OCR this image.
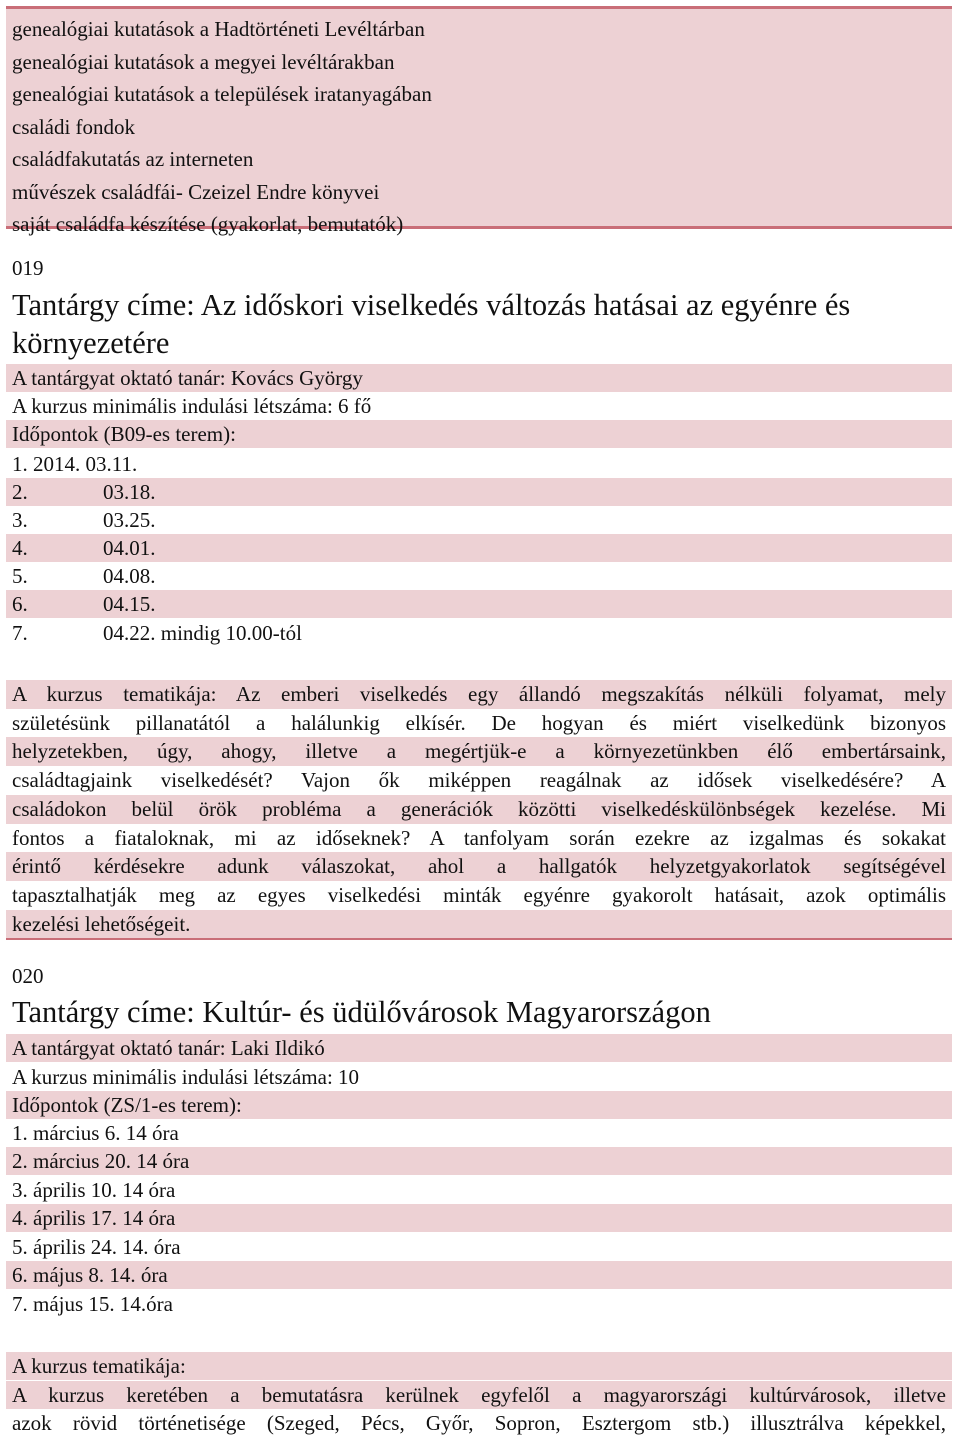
genealógiai kutatások a Hadtörténeti Levéltárban
genealógiai kutatások a megyei levéltárakban
genealógiai kutatások a települések iratanyagában
családi fondok
családfakutatás az interneten
művészek családfái- Czeizel Endre könyvei
saját családfa készítése (gyakorlat, bemutatók)
019
Tantárgy címe: Az időskori viselkedés változás hatásai az egyénre és
környezetére
A tantárgyat oktató tanár: Kovács György
A kurzus minimális indulási létszáma: 6 fő
Időpontok (B09-es terem):
1. 2014. 03.11.
2.	03.18.
3.	03.25.
4.	04.01.
5.	04.08.
6.	04.15.
7.	04.22. mindig 10.00-tól
A kurzus tematikája: Az emberi viselkedés egy állandó megszakítás nélküli folyamat, mely
születésünk pillanatától a halálunkig elkísér. De hogyan és miért viselkedünk bizonyos
helyzetekben, úgy, ahogy, illetve a megértjük-e a környezetünkben élő embertársaink,
családtagjaink viselkedését? Vajon ők miképpen reagálnak az idősek viselkedésére? A
családokon belül örök probléma a generációk közötti viselkedéskülönbségek kezelése. Mi
fontos a fiataloknak, mi az időseknek? A tanfolyam során ezekre az izgalmas és sokakat
érintő kérdésekre adunk válaszokat, ahol a hallgatók helyzetgyakorlatok segítségével
tapasztalhatják meg az egyes viselkedési minták egyénre gyakorolt hatásait, azok optimális
kezelési lehetőségeit.
020
Tantárgy címe: Kultúr- és üdülővárosok Magyarországon
A tantárgyat oktató tanár: Laki Ildikó
A kurzus minimális indulási létszáma: 10
Időpontok (ZS/1-es terem):
1. március 6. 14 óra
2. március 20. 14 óra
3. április 10. 14 óra
4. április 17. 14 óra
5. április 24. 14. óra
6. május 8. 14. óra
7. május 15. 14.óra
A kurzus tematikája:
A kurzus keretében a bemutatásra kerülnek egyfelől a magyarországi kultúrvárosok, illetve
azok rövid történetisége (Szeged, Pécs, Győr, Sopron, Esztergom stb.) illusztrálva képekkel,
